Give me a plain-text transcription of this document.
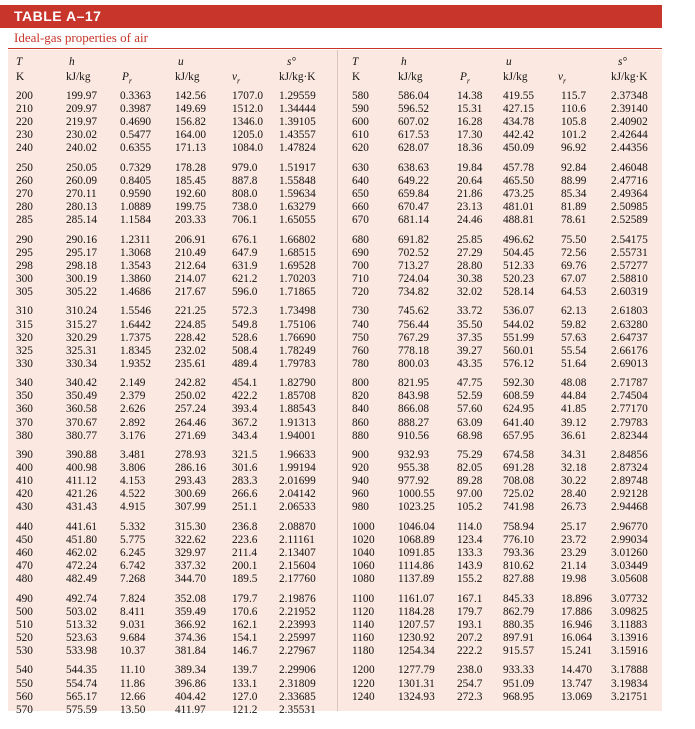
TABLE A–17
Ideal-gas properties of air
T	h	u	s°
K	kJ/kg	$P_r$	kJ/kg	$v_r$	kJ/kg·K
T	h	u	s°
K	kJ/kg	$P_r$	kJ/kg	$v_r$	kJ/kg·K
200	199.97 0.3363 142.56 1707.0 1.29559
210	209.97 0.3987 149.69 1512.0 1.34444
220	219.97 0.4690 156.82 1346.0 1.39105
230	230.02 0.5477 164.00 1205.0 1.43557
240	240.02 0.6355 171.13 1084.0 1.47824
250	250.05 0.7329 178.28 979.0 1.51917
260	260.09 0.8405 185.45 887.8 1.55848
270	270.11 0.9590 192.60 808.0 1.59634
280	280.13 1.0889 199.75 738.0 1.63279
285	285.14 1.1584 203.33 706.1 1.65055
290	290.16 1.2311 206.91 676.1 1.66802
295	295.17 1.3068 210.49 647.9 1.68515
298	298.18 1.3543 212.64 631.9 1.69528
300	300.19 1.3860 214.07 621.2 1.70203
305	305.22 1.4686 217.67 596.0 1.71865
310	310.24 1.5546 221.25 572.3 1.73498
315	315.27 1.6442 224.85 549.8 1.75106
320	320.29 1.7375 228.42 528.6 1.76690
325	325.31 1.8345 232.02 508.4 1.78249
330	330.34 1.9352 235.61 489.4 1.79783
340	340.42 2.149	242.82 454.1 1.82790
350	350.49 2.379	250.02 422.2 1.85708
360	360.58 2.626	257.24 393.4 1.88543
370	370.67 2.892	264.46 367.2 1.91313
380	380.77 3.176	271.69 343.4 1.94001
390	390.88 3.481	278.93 321.5 1.96633
400	400.98 3.806	286.16 301.6 1.99194
410	411.12 4.153	293.43 283.3 2.01699
420	421.26 4.522	300.69 266.6 2.04142
430	431.43 4.915	307.99 251.1 2.06533
440	441.61 5.332	315.30 236.8 2.08870
450	451.80 5.775	322.62 223.6 2.11161
460	462.02 6.245	329.97 211.4 2.13407
470	472.24 6.742	337.32 200.1 2.15604
480	482.49 7.268	344.70 189.5 2.17760
490	492.74 7.824	352.08 179.7 2.19876
500	503.02 8.411	359.49 170.6 2.21952
510	513.32 9.031	366.92 162.1 2.23993
520	523.63 9.684	374.36 154.1 2.25997
530	533.98 10.37	381.84 146.7 2.27967
540	544.35 11.10	389.34 139.7 2.29906
550	554.74 11.86	396.86 133.1 2.31809
560	565.17 12.66	404.42 127.0 2.33685
570	575.59 13.50	411.97 121.2 2.35531
580	586.04 14.38 419.55 115.7 2.37348
590	596.52 15.31 427.15 110.6 2.39140
600	607.02 16.28 434.78 105.8 2.40902
610	617.53 17.30 442.42 101.2 2.42644
620	628.07 18.36 450.09 96.92 2.44356
630	638.63 19.84 457.78 92.84 2.46048
640	649.22 20.64 465.50 88.99 2.47716
650	659.84 21.86 473.25 85.34 2.49364
660	670.47 23.13 481.01 81.89 2.50985
670	681.14 24.46 488.81 78.61 2.52589
680	691.82 25.85 496.62 75.50 2.54175
690	702.52 27.29 504.45 72.56 2.55731
700	713.27 28.80 512.33 69.76 2.57277
710	724.04 30.38 520.23 67.07 2.58810
720	734.82 32.02 528.14 64.53 2.60319
730	745.62 33.72 536.07 62.13 2.61803
740	756.44 35.50 544.02 59.82 2.63280
750	767.29 37.35 551.99 57.63 2.64737
760	778.18 39.27 560.01 55.54 2.66176
780	800.03 43.35 576.12 51.64 2.69013
800	821.95 47.75 592.30 48.08 2.71787
820	843.98 52.59 608.59 44.84 2.74504
840	866.08 57.60 624.95 41.85 2.77170
860	888.27 63.09 641.40 39.12 2.79783
880	910.56 68.98 657.95 36.61 2.82344
900	932.93 75.29 674.58 34.31 2.84856
920	955.38 82.05 691.28 32.18 2.87324
940	977.92 89.28 708.08 30.22 2.89748
960	1000.55 97.00 725.02 28.40 2.92128
980	1023.25 105.2 741.98 26.73 2.94468
1000 1046.04 114.0 758.94 25.17 2.96770
1020 1068.89 123.4 776.10 23.72 2.99034
1040 1091.85 133.3 793.36 23.29 3.01260
1060 1114.86 143.9 810.62 21.14 3.03449
1080 1137.89 155.2 827.88 19.98 3.05608
1100 1161.07 167.1 845.33 18.896 3.07732
1120 1184.28 179.7 862.79 17.886 3.09825
1140 1207.57 193.1 880.35 16.946 3.11883
1160 1230.92 207.2 897.91 16.064 3.13916
1180 1254.34 222.2 915.57 15.241 3.15916
1200 1277.79 238.0 933.33 14.470 3.17888
1220 1301.31 254.7 951.09 13.747 3.19834
1240 1324.93 272.3 968.95 13.069 3.21751
